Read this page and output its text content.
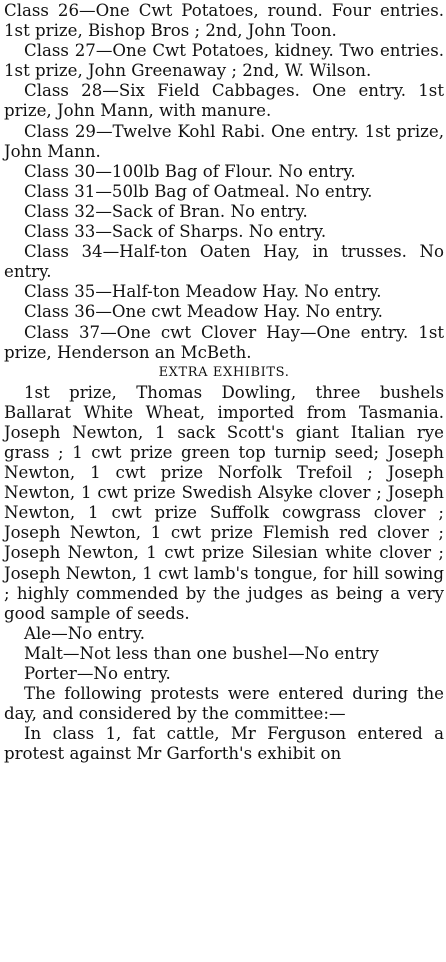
Class 26—One Cwt Potatoes, round. Four entries. 1st prize, Bishop Bros ; 2nd, John Toon.

Class 27—One Cwt Potatoes, kidney. Two entries. 1st prize, John Greenaway ; 2nd, W. Wilson.

Class 28—Six Field Cabbages. One entry. 1st prize, John Mann, with manure.

Class 29—Twelve Kohl Rabi. One entry. 1st prize, John Mann.

Class 30—100lb Bag of Flour. No entry.

Class 31—50lb Bag of Oatmeal. No entry.

Class 32—Sack of Bran. No entry.

Class 33—Sack of Sharps. No entry.

Class 34—Half-ton Oaten Hay, in trusses. No entry.

Class 35—Half-ton Meadow Hay. No entry.

Class 36—One cwt Meadow Hay. No entry.

Class 37—One cwt Clover Hay—One entry. 1st prize, Henderson an McBeth.

EXTRA EXHIBITS.

1st prize, Thomas Dowling, three bushels Ballarat White Wheat, imported from Tasmania. Joseph Newton, 1 sack Scott's giant Italian rye grass ; 1 cwt prize green top turnip seed; Joseph Newton, 1 cwt prize Norfolk Trefoil ; Joseph Newton, 1 cwt prize Swedish Alsyke clover ; Joseph Newton, 1 cwt prize Suffolk cowgrass clover ; Joseph Newton, 1 cwt prize Flemish red clover ; Joseph Newton, 1 cwt prize Silesian white clover ; Joseph Newton, 1 cwt lamb's tongue, for hill sowing ; highly commended by the judges as being a very good sample of seeds.

Ale—No entry.

Malt—Not less than one bushel—No entry

Porter—No entry.

The following protests were entered during the day, and considered by the committee:—

In class 1, fat cattle, Mr Ferguson entered a protest against Mr Garforth's exhibit on
